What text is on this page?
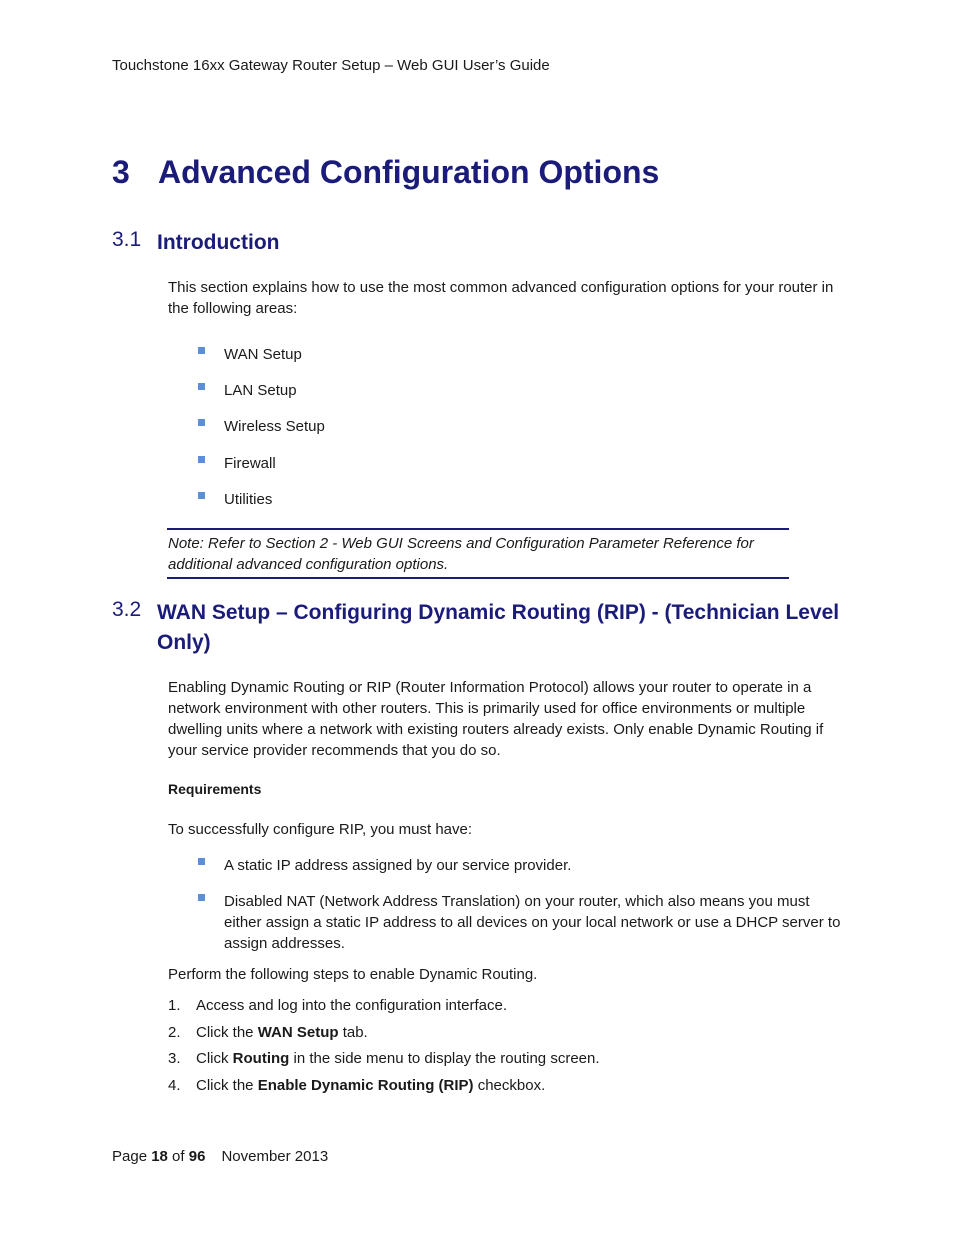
Touchstone 16xx Gateway Router Setup – Web GUI User’s Guide
3 Advanced Configuration Options
3.1 Introduction
This section explains how to use the most common advanced configuration options for your router in the following areas:
WAN Setup
LAN Setup
Wireless Setup
Firewall
Utilities
Note: Refer to Section 2 - Web GUI Screens and Configuration Parameter Reference for additional advanced configuration options.
3.2 WAN Setup – Configuring Dynamic Routing (RIP) - (Technician Level Only)
Enabling Dynamic Routing or RIP (Router Information Protocol) allows your router to operate in a network environment with other routers. This is primarily used for office environments or multiple dwelling units where a network with existing routers already exists. Only enable Dynamic Routing if your service provider recommends that you do so.
Requirements
To successfully configure RIP, you must have:
A static IP address assigned by our service provider.
Disabled NAT (Network Address Translation) on your router, which also means you must either assign a static IP address to all devices on your local network or use a DHCP server to assign addresses.
Perform the following steps to enable Dynamic Routing.
1. Access and log into the configuration interface.
2. Click the WAN Setup tab.
3. Click Routing in the side menu to display the routing screen.
4. Click the Enable Dynamic Routing (RIP) checkbox.
Page 18 of 96 November 2013
